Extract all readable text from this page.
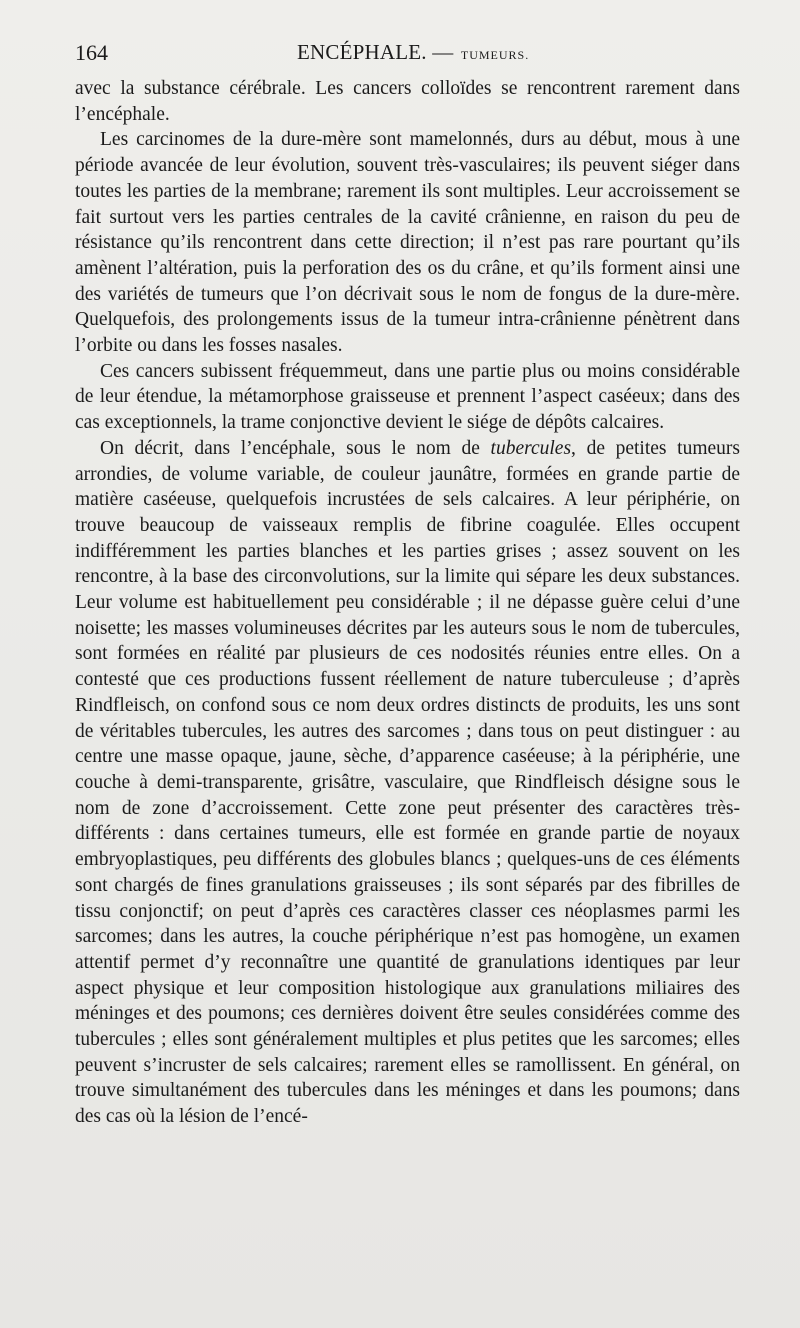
164	ENCÉPHALE. — TUMEURS.

avec la substance cérébrale. Les cancers colloïdes se rencontrent rarement dans l’encéphale.

Les carcinomes de la dure-mère sont mamelonnés, durs au début, mous à une période avancée de leur évolution, souvent très-vasculaires; ils peuvent siéger dans toutes les parties de la membrane; rarement ils sont multiples. Leur accroissement se fait surtout vers les parties centrales de la cavité crânienne, en raison du peu de résistance qu’ils rencontrent dans cette direction; il n’est pas rare pourtant qu’ils amènent l’altération, puis la perforation des os du crâne, et qu’ils forment ainsi une des variétés de tumeurs que l’on décrivait sous le nom de fongus de la dure-mère. Quelquefois, des prolongements issus de la tumeur intra-crânienne pénètrent dans l’orbite ou dans les fosses nasales.

Ces cancers subissent fréquemmeut, dans une partie plus ou moins considérable de leur étendue, la métamorphose graisseuse et prennent l’aspect caséeux; dans des cas exceptionnels, la trame conjonctive devient le siége de dépôts calcaires.

On décrit, dans l’encéphale, sous le nom de tubercules, de petites tumeurs arrondies, de volume variable, de couleur jaunâtre, formées en grande partie de matière caséeuse, quelquefois incrustées de sels calcaires. A leur périphérie, on trouve beaucoup de vaisseaux remplis de fibrine coagulée. Elles occupent indifféremment les parties blanches et les parties grises ; assez souvent on les rencontre, à la base des circonvolutions, sur la limite qui sépare les deux substances. Leur volume est habituellement peu considérable ; il ne dépasse guère celui d’une noisette; les masses volumineuses décrites par les auteurs sous le nom de tubercules, sont formées en réalité par plusieurs de ces nodosités réunies entre elles. On a contesté que ces productions fussent réellement de nature tuberculeuse ; d’après Rindfleisch, on confond sous ce nom deux ordres distincts de produits, les uns sont de véritables tubercules, les autres des sarcomes ; dans tous on peut distinguer : au centre une masse opaque, jaune, sèche, d’apparence caséeuse; à la périphérie, une couche à demi-transparente, grisâtre, vasculaire, que Rindfleisch désigne sous le nom de zone d’accroissement. Cette zone peut présenter des caractères très-différents : dans certaines tumeurs, elle est formée en grande partie de noyaux embryoplastiques, peu différents des globules blancs ; quelques-uns de ces éléments sont chargés de fines granulations graisseuses ; ils sont séparés par des fibrilles de tissu conjonctif; on peut d’après ces caractères classer ces néoplasmes parmi les sarcomes; dans les autres, la couche périphérique n’est pas homogène, un examen attentif permet d’y reconnaître une quantité de granulations identiques par leur aspect physique et leur composition histologique aux granulations miliaires des méninges et des poumons; ces dernières doivent être seules considérées comme des tubercules ; elles sont généralement multiples et plus petites que les sarcomes; elles peuvent s’incruster de sels calcaires; rarement elles se ramollissent. En général, on trouve simultanément des tubercules dans les méninges et dans les poumons; dans des cas où la lésion de l’encé-
